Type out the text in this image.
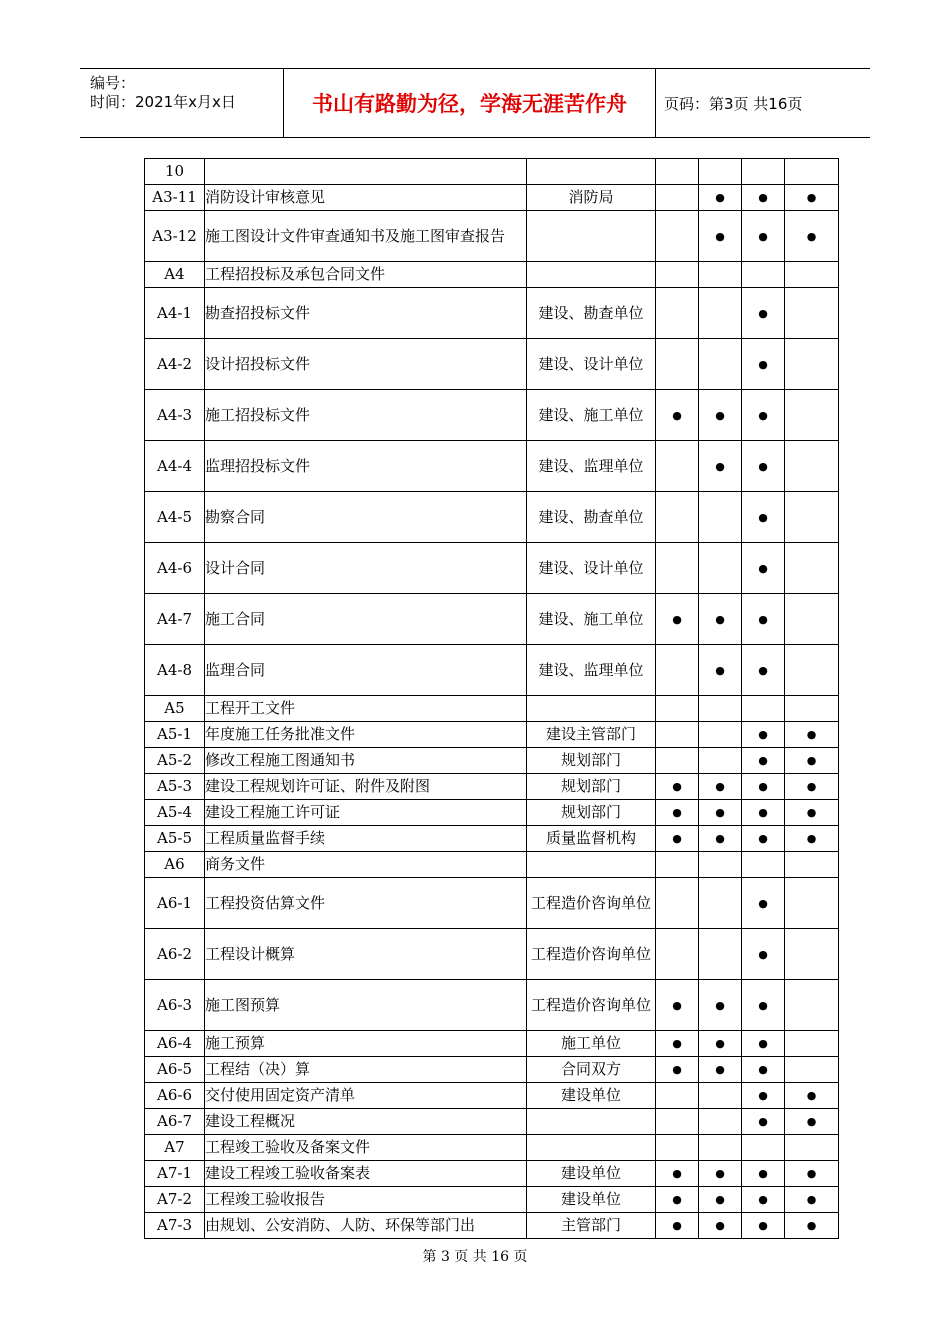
编号：
时间：2021年x月x日	书山有路勤为径，学海无涯苦作舟	页码：第3页 共16页
10						
A3-11	消防设计审核意见	消防局		●	●	●
A3-12	施工图设计文件审查通知书及施工图审查报告			●	●	●
A4	工程招投标及承包合同文件					
A4-1	勘查招投标文件	建设、勘查单位			●	
A4-2	设计招投标文件	建设、设计单位			●	
A4-3	施工招投标文件	建设、施工单位	●	●	●	
A4-4	监理招投标文件	建设、监理单位		●	●	
A4-5	勘察合同	建设、勘查单位			●	
A4-6	设计合同	建设、设计单位			●	
A4-7	施工合同	建设、施工单位	●	●	●	
A4-8	监理合同	建设、监理单位		●	●	
A5	工程开工文件					
A5-1	年度施工任务批准文件	建设主管部门			●	●
A5-2	修改工程施工图通知书	规划部门			●	●
A5-3	建设工程规划许可证、附件及附图	规划部门	●	●	●	●
A5-4	建设工程施工许可证	规划部门	●	●	●	●
A5-5	工程质量监督手续	质量监督机构	●	●	●	●
A6	商务文件					
A6-1	工程投资估算文件	工程造价咨询单位			●	
A6-2	工程设计概算	工程造价咨询单位			●	
A6-3	施工图预算	工程造价咨询单位	●	●	●	
A6-4	施工预算	施工单位	●	●	●	
A6-5	工程结（决）算	合同双方	●	●	●	
A6-6	交付使用固定资产清单	建设单位			●	●
A6-7	建设工程概况				●	●
A7	工程竣工验收及备案文件					
A7-1	建设工程竣工验收备案表	建设单位	●	●	●	●
A7-2	工程竣工验收报告	建设单位	●	●	●	●
A7-3	由规划、公安消防、人防、环保等部门出	主管部门	●	●	●	●
第 3 页 共 16 页
